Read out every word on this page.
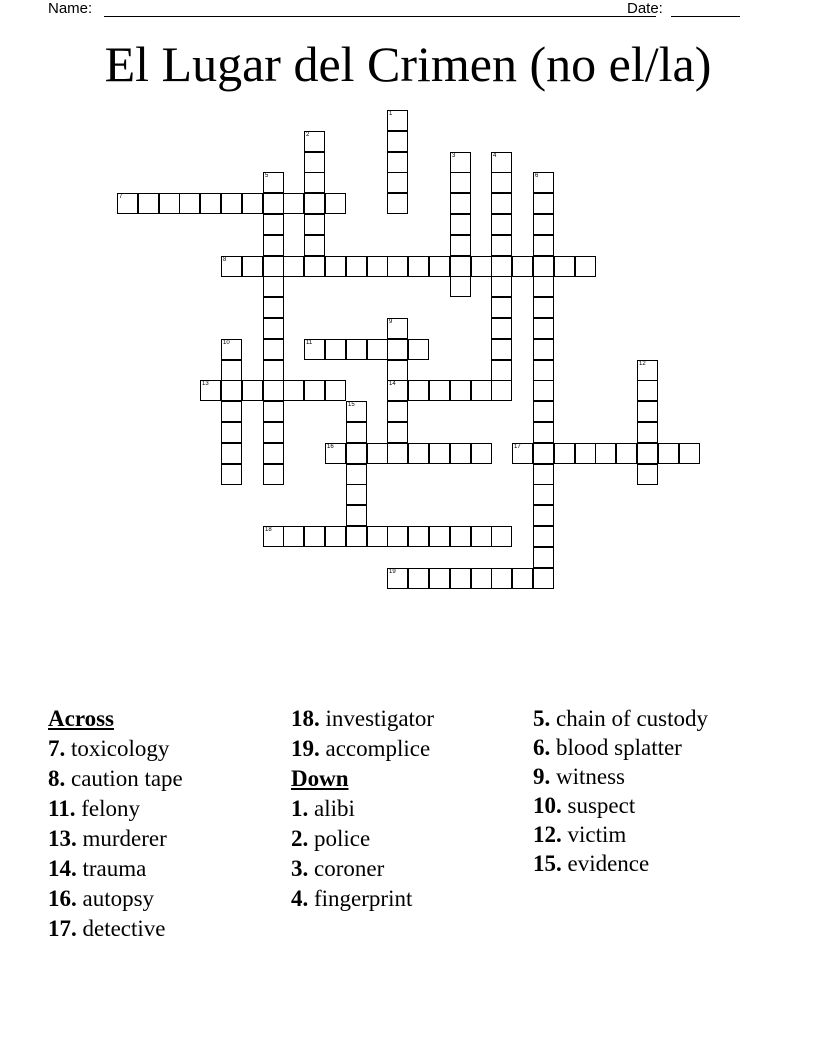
Name:	Date:
El Lugar del Crimen (no el/la)
1
2
3	4
5	6
7
8
9
14
10	11
12
13
15
16	17
18
19
Across
7. toxicology
8. caution tape
11. felony
13. murderer
14. trauma
16. autopsy
17. detective
18. investigator
19. accomplice
Down
1. alibi
2. police
3. coroner
4. fingerprint
5. chain of custody
6. blood splatter
9. witness
10. suspect
12. victim
15. evidence
